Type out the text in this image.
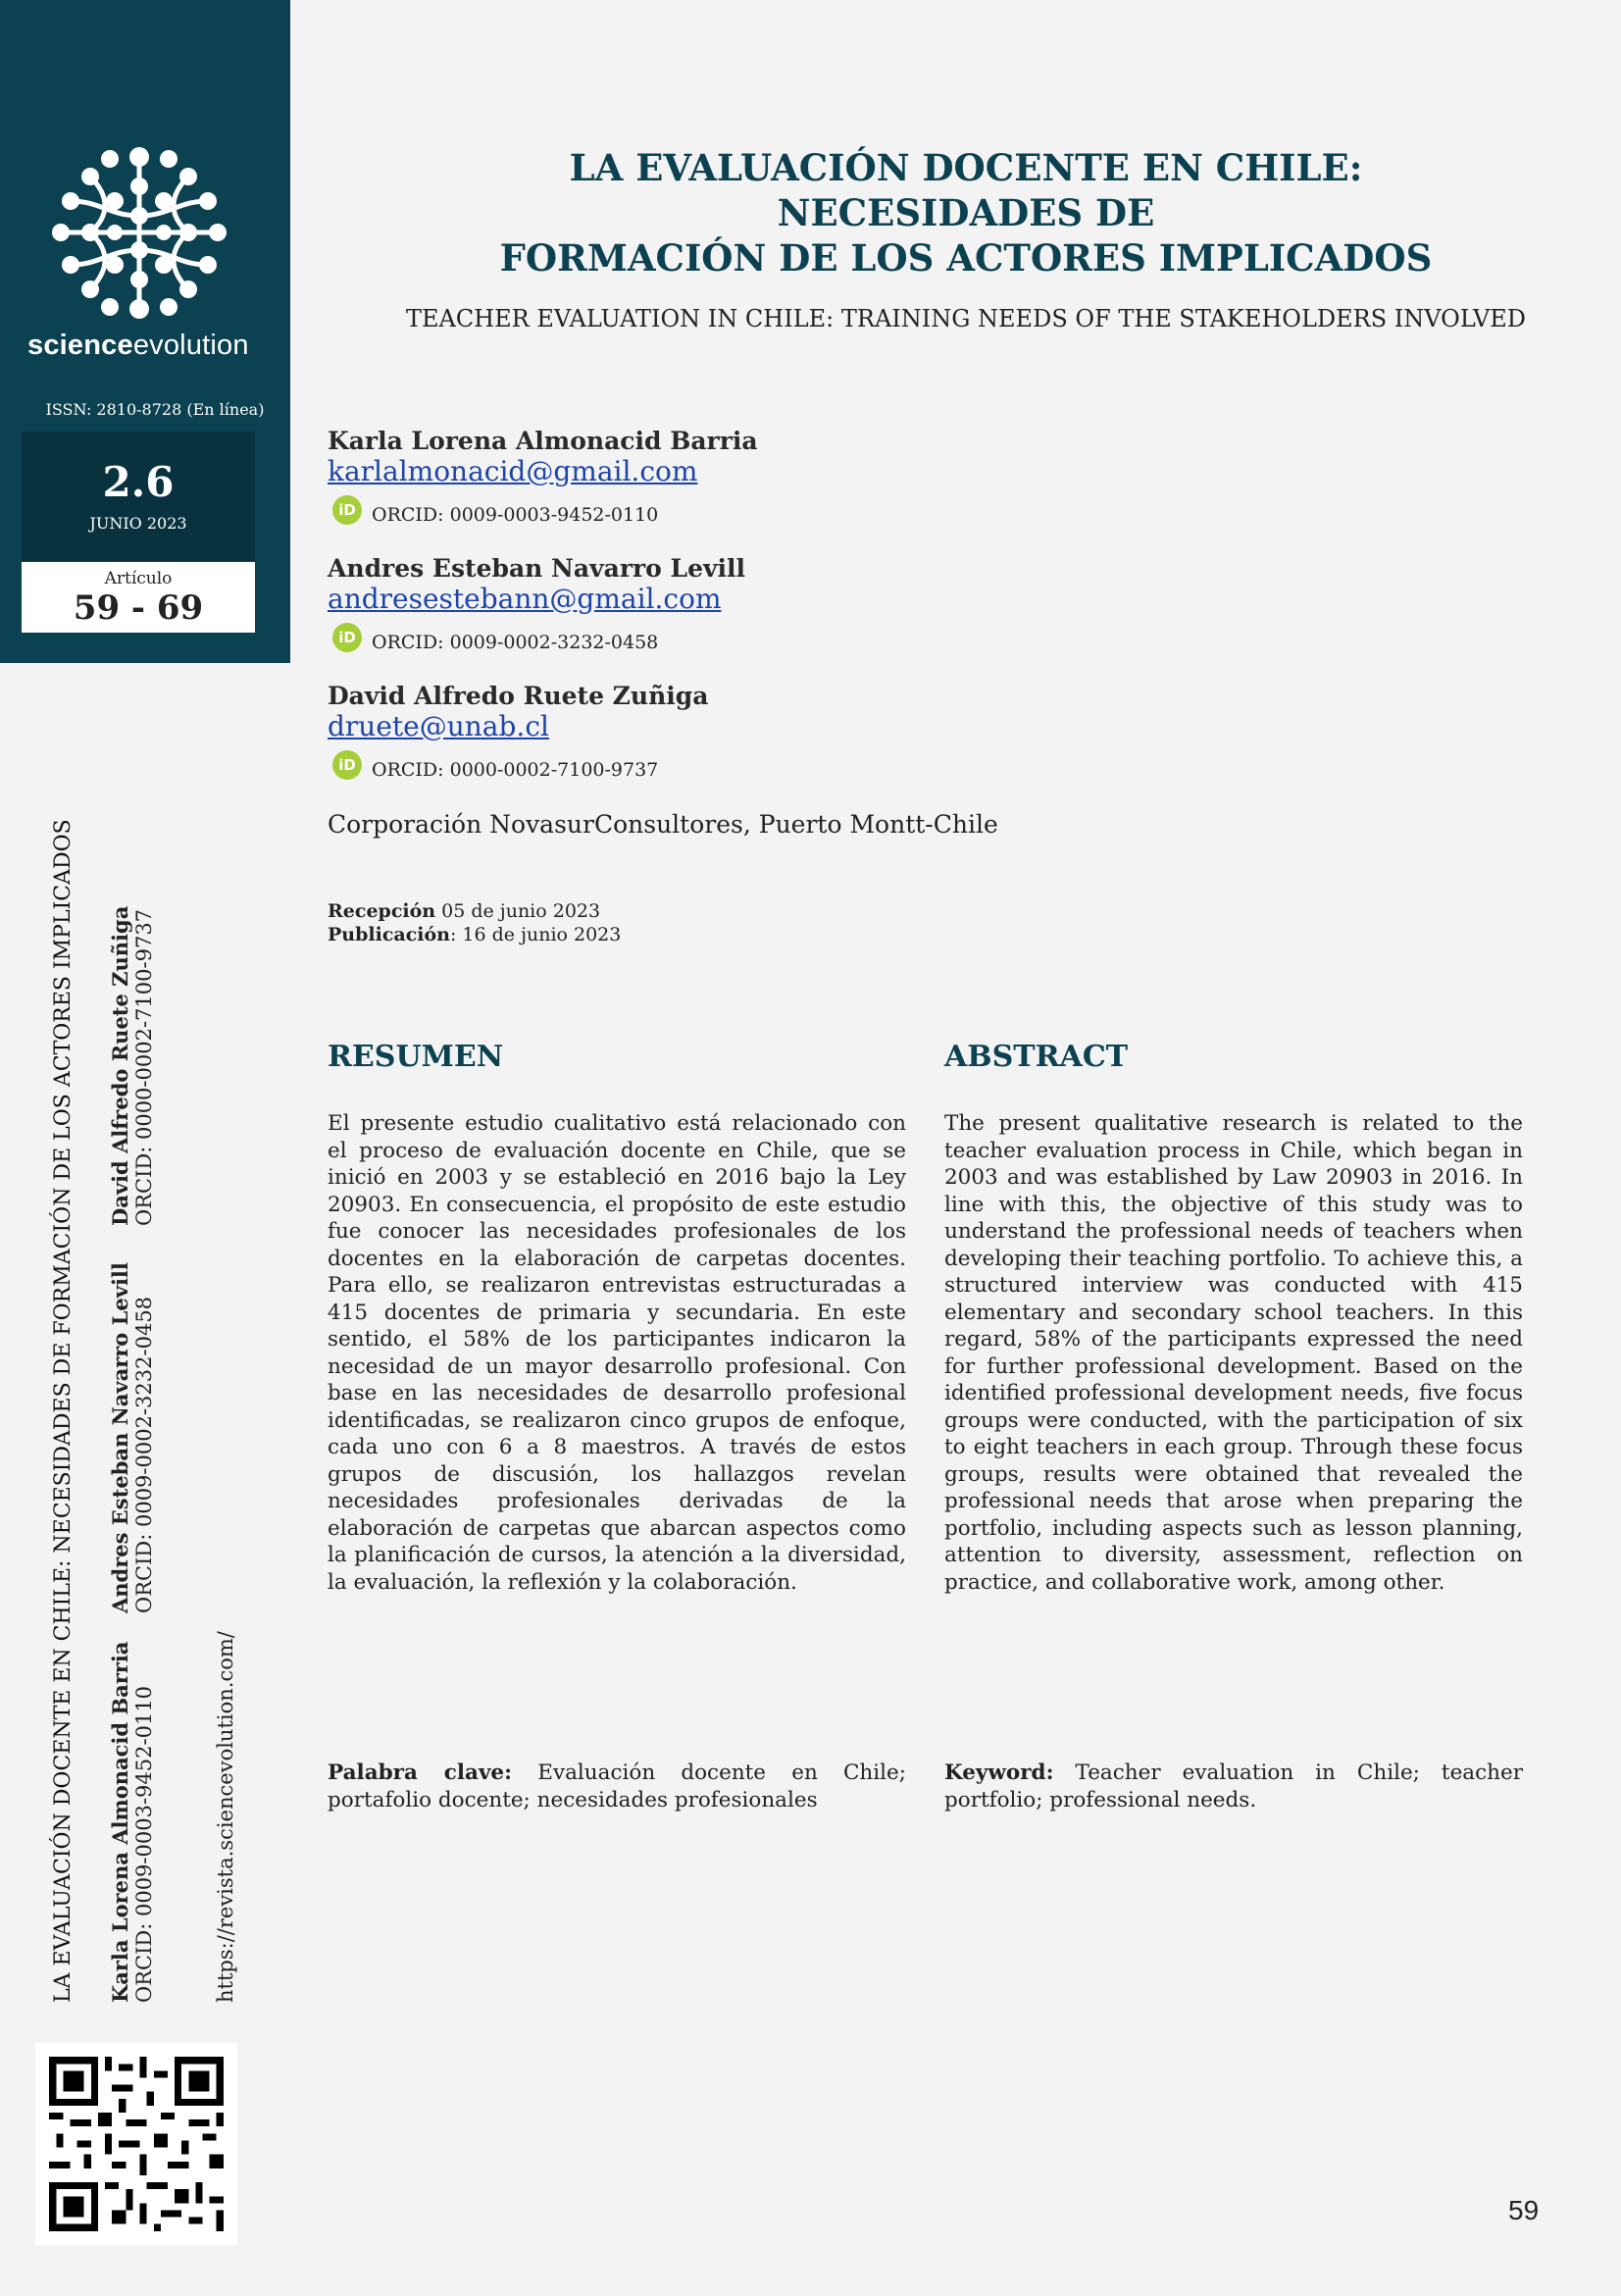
scienceevolution
ISSN: 2810-8728 (En línea)
2.6
JUNIO 2023
Artículo
59 - 69
LA EVALUACIÓN DOCENTE EN CHILE: NECESIDADES DE
FORMACIÓN DE LOS ACTORES IMPLICADOS
TEACHER EVALUATION IN CHILE: TRAINING NEEDS OF THE STAKEHOLDERS INVOLVED
Karla Lorena Almonacid Barria
karlalmonacid@gmail.com
iD ORCID: 0009-0003-9452-0110
Andres Esteban Navarro Levill
andresestebann@gmail.com
iD ORCID: 0009-0002-3232-0458
David Alfredo Ruete Zuñiga
druete@unab.cl
iD ORCID: 0000-0002-7100-9737
Corporación NovasurConsultores, Puerto Montt-Chile
Recepción 05 de junio 2023
Publicación: 16 de junio 2023
RESUMEN	ABSTRACT
El presente estudio cualitativo está relacionado con el proceso de evaluación docente en Chile, que se inició en 2003 y se estableció en 2016 bajo la Ley 20903. En consecuencia, el propósito de este estudio fue conocer las necesidades profesionales de los docentes en la elaboración de carpetas docentes. Para ello, se realizaron entrevistas estructuradas a 415 docentes de primaria y secundaria. En este sentido, el 58% de los participantes indicaron la necesidad de un mayor desarrollo profesional. Con base en las necesidades de desarrollo profesional identificadas, se realizaron cinco grupos de enfoque, cada uno con 6 a 8 maestros. A través de estos grupos de discusión, los hallazgos revelan necesidades profesionales derivadas de la elaboración de carpetas que abarcan aspectos como la planificación de cursos, la atención a la diversidad, la evaluación, la reflexión y la colaboración.
The present qualitative research is related to the teacher evaluation process in Chile, which began in 2003 and was established by Law 20903 in 2016. In line with this, the objective of this study was to understand the professional needs of teachers when developing their teaching portfolio. To achieve this, a structured interview was conducted with 415 elementary and secondary school teachers. In this regard, 58% of the participants expressed the need for further professional development. Based on the identified professional development needs, five focus groups were conducted, with the participation of six to eight teachers in each group. Through these focus groups, results were obtained that revealed the professional needs that arose when preparing the portfolio, including aspects such as lesson planning, attention to diversity, assessment, reflection on practice, and collaborative work, among other.
Palabra clave: Evaluación docente en Chile; portafolio docente; necesidades profesionales
Keyword: Teacher evaluation in Chile; teacher portfolio; professional needs.
LA EVALUACIÓN DOCENTE EN CHILE: NECESIDADES DE FORMACIÓN DE LOS ACTORES IMPLICADOS Karla Lorena Almonacid Barria ORCID: 0009-0003-9452-0110
Andres Esteban Navarro Levill ORCID: 0009-0002-3232-0458
David Alfredo Ruete Zuñiga ORCID: 0000-0002-7100-9737
https://revista.sciencevolution.com/
59
